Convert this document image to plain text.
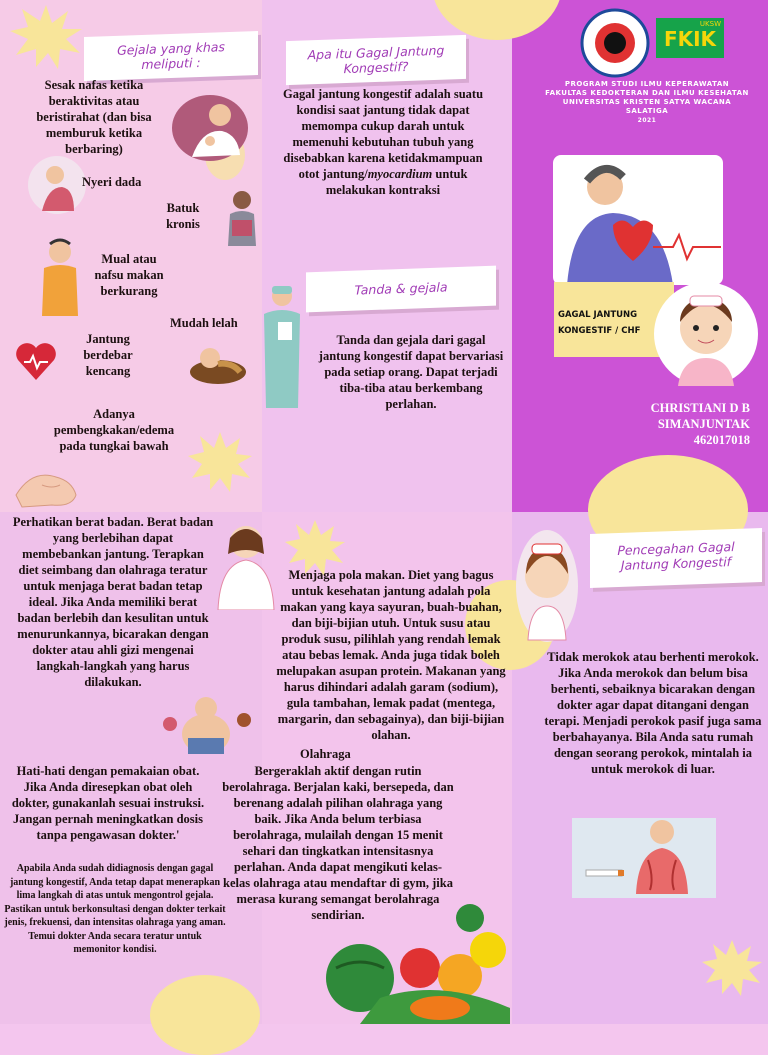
Gejala yang khas meliputi :
Sesak nafas ketika beraktivitas atau beristirahat (dan bisa memburuk ketika berbaring)
Nyeri dada
Batuk kronis
Mual atau nafsu makan berkurang
Mudah lelah
Jantung berdebar kencang
Adanya pembengkakan/edema pada tungkai bawah
Apa itu Gagal Jantung Kongestif?
Gagal jantung kongestif adalah suatu kondisi saat jantung tidak dapat memompa cukup darah untuk memenuhi kebutuhan tubuh yang disebabkan karena ketidakmampuan otot jantung/myocardium untuk melakukan kontraksi
Tanda & gejala
Tanda dan gejala dari gagal jantung kongestif dapat bervariasi pada setiap orang. Dapat terjadi tiba-tiba atau berkembang perlahan.
UKSW
FKIK
PROGRAM STUDI ILMU KEPERAWATAN
FAKULTAS KEDOKTERAN DAN ILMU KESEHATAN
UNIVERSITAS KRISTEN SATYA WACANA
SALATIGA
2021
GAGAL JANTUNG
KONGESTIF / CHF
CHRISTIANI D B
SIMANJUNTAK
462017018
Perhatikan berat badan. Berat badan yang berlebihan dapat membebankan jantung. Terapkan diet seimbang dan olahraga teratur untuk menjaga berat badan tetap ideal. Jika Anda memiliki berat badan berlebih dan kesulitan untuk menurunkannya, bicarakan dengan dokter atau ahli gizi mengenai langkah-langkah yang harus dilakukan.
Hati-hati dengan pemakaian obat. Jika Anda diresepkan obat oleh dokter, gunakanlah sesuai instruksi. Jangan pernah meningkatkan dosis tanpa pengawasan dokter.'
Apabila Anda sudah didiagnosis dengan gagal jantung kongestif, Anda tetap dapat menerapkan lima langkah di atas untuk mengontrol gejala. Pastikan untuk berkonsultasi dengan dokter terkait jenis, frekuensi, dan intensitas olahraga yang aman. Temui dokter Anda secara teratur untuk memonitor kondisi.
Menjaga pola makan. Diet yang bagus untuk kesehatan jantung adalah pola makan yang kaya sayuran, buah-buahan, dan biji-bijian utuh. Untuk susu atau produk susu, pilihlah yang rendah lemak atau bebas lemak. Anda juga tidak boleh melupakan asupan protein. Makanan yang harus dihindari adalah garam (sodium), gula tambahan, lemak padat (mentega, margarin, dan sebagainya), dan biji-bijian olahan.
Olahraga
Bergeraklah aktif dengan rutin berolahraga. Berjalan kaki, bersepeda, dan berenang adalah pilihan olahraga yang baik. Jika Anda belum terbiasa berolahraga, mulailah dengan 15 menit sehari dan tingkatkan intensitasnya perlahan. Anda dapat mengikuti kelas-kelas olahraga atau mendaftar di gym, jika merasa kurang semangat berolahraga sendirian.
Pencegahan Gagal Jantung Kongestif
Tidak merokok atau berhenti merokok. Jika Anda merokok dan belum bisa berhenti, sebaiknya bicarakan dengan dokter agar dapat ditangani dengan terapi. Menjadi perokok pasif juga sama berbahayanya. Bila Anda satu rumah dengan seorang perokok, mintalah ia untuk merokok di luar.
